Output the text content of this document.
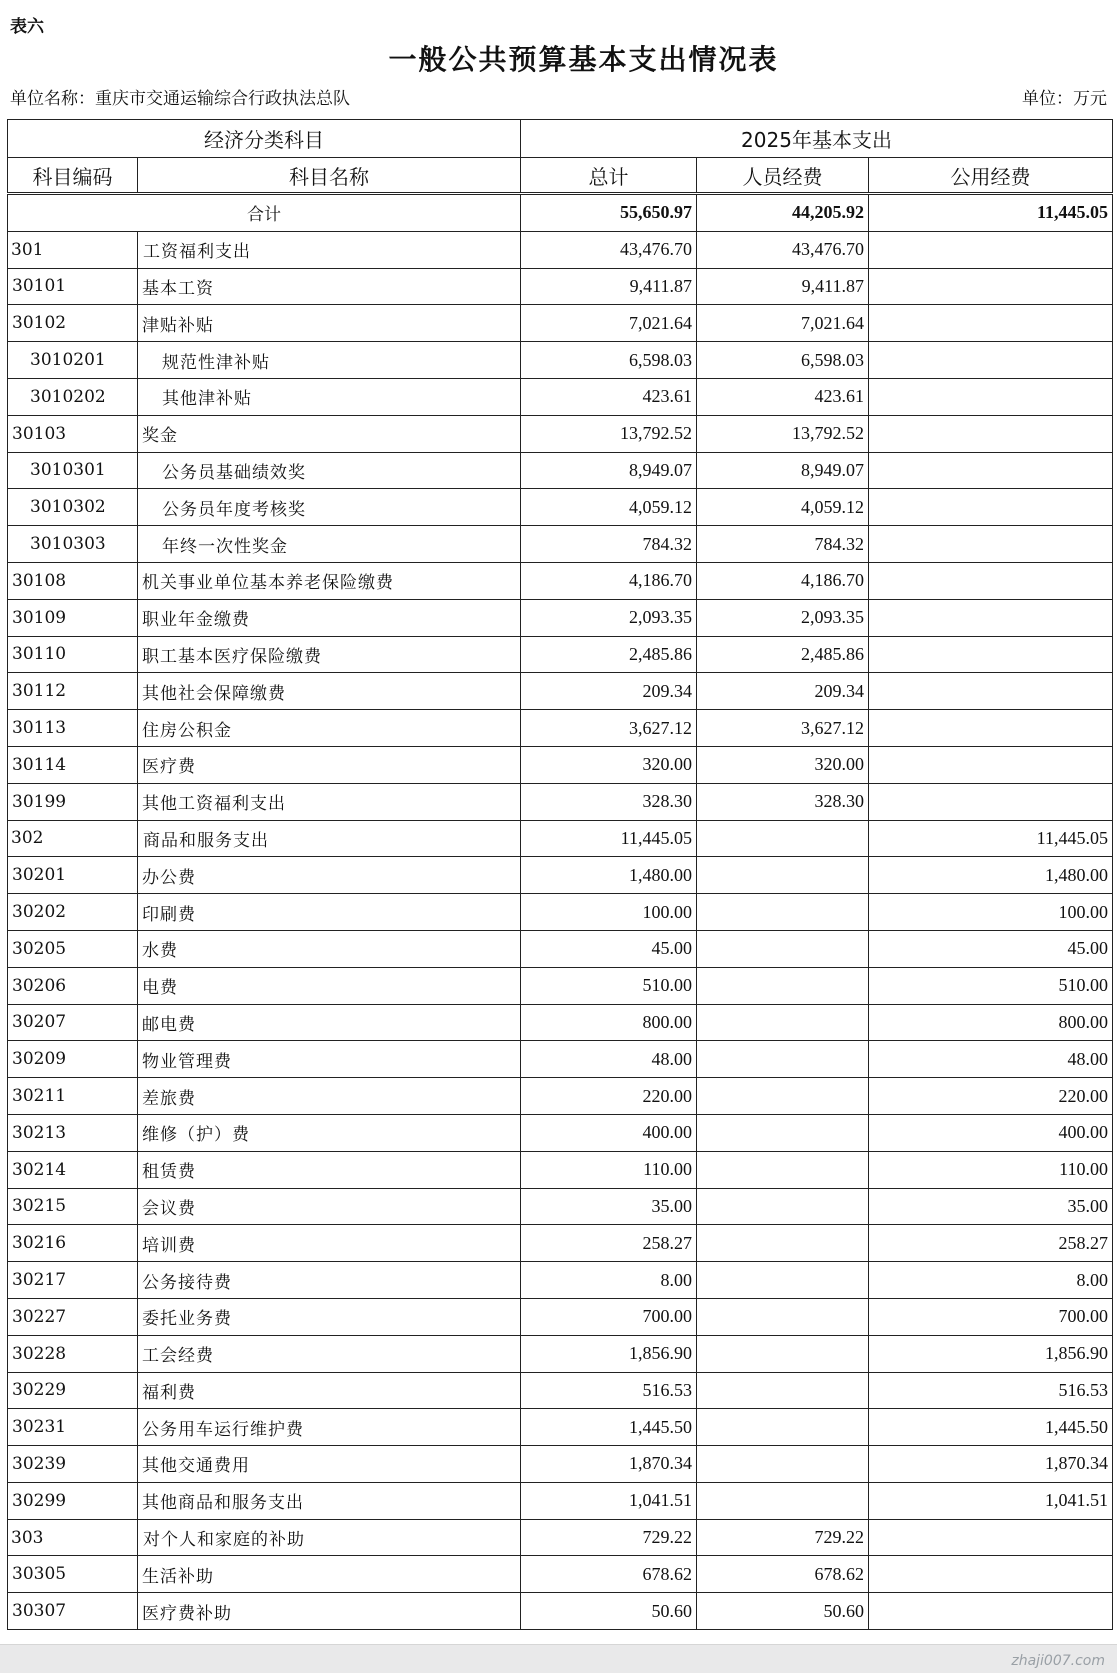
表六
一般公共预算基本支出情况表
单位名称：重庆市交通运输综合行政执法总队	单位：万元
经济分类科目		2025年基本支出		
科目编码	科目名称	总计	人员经费	公用经费
合计		55,650.97	44,205.92	11,445.05
301	工资福利支出	43,476.70	43,476.70	
30101	基本工资	9,411.87	9,411.87	
30102	津贴补贴	7,021.64	7,021.64	
3010201	规范性津补贴	6,598.03	6,598.03	
3010202	其他津补贴	423.61	423.61	
30103	奖金	13,792.52	13,792.52	
3010301	公务员基础绩效奖	8,949.07	8,949.07	
3010302	公务员年度考核奖	4,059.12	4,059.12	
3010303	年终一次性奖金	784.32	784.32	
30108	机关事业单位基本养老保险缴费	4,186.70	4,186.70	
30109	职业年金缴费	2,093.35	2,093.35	
30110	职工基本医疗保险缴费	2,485.86	2,485.86	
30112	其他社会保障缴费	209.34	209.34	
30113	住房公积金	3,627.12	3,627.12	
30114	医疗费	320.00	320.00	
30199	其他工资福利支出	328.30	328.30	
302	商品和服务支出	11,445.05		11,445.05
30201	办公费	1,480.00		1,480.00
30202	印刷费	100.00		100.00
30205	水费	45.00		45.00
30206	电费	510.00		510.00
30207	邮电费	800.00		800.00
30209	物业管理费	48.00		48.00
30211	差旅费	220.00		220.00
30213	维修（护）费	400.00		400.00
30214	租赁费	110.00		110.00
30215	会议费	35.00		35.00
30216	培训费	258.27		258.27
30217	公务接待费	8.00		8.00
30227	委托业务费	700.00		700.00
30228	工会经费	1,856.90		1,856.90
30229	福利费	516.53		516.53
30231	公务用车运行维护费	1,445.50		1,445.50
30239	其他交通费用	1,870.34		1,870.34
30299	其他商品和服务支出	1,041.51		1,041.51
303	对个人和家庭的补助	729.22	729.22	
30305	生活补助	678.62	678.62	
30307	医疗费补助	50.60	50.60	
zhaji007.com
